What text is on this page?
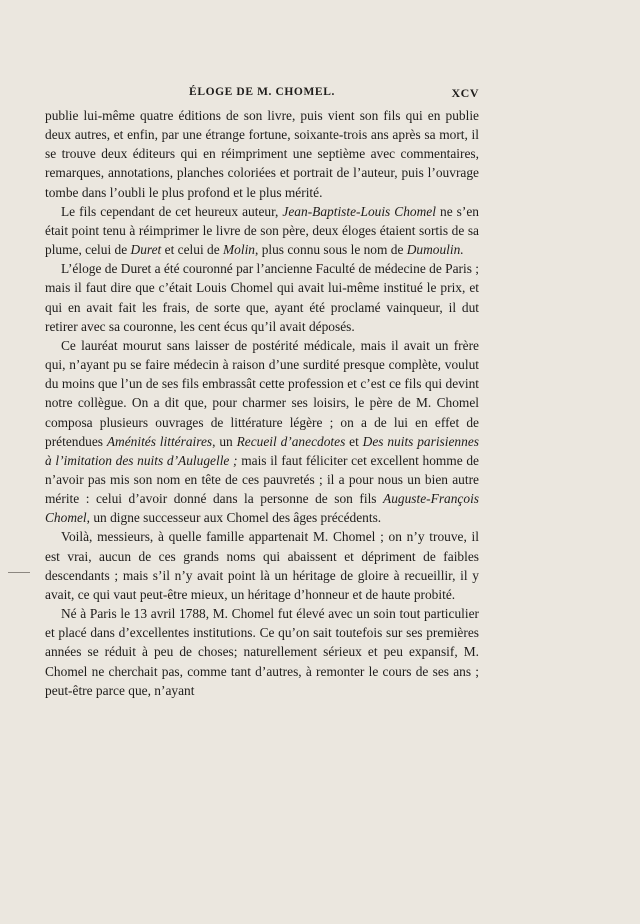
ÉLOGE DE M. CHOMEL.	XCV

publie lui-même quatre éditions de son livre, puis vient son fils qui en publie deux autres, et enfin, par une étrange fortune, soixante-trois ans après sa mort, il se trouve deux éditeurs qui en réimpriment une septième avec commentaires, remarques, annotations, planches coloriées et portrait de l’auteur, puis l’ouvrage tombe dans l’oubli le plus profond et le plus mérité.

Le fils cependant de cet heureux auteur, Jean-Baptiste-Louis Chomel ne s’en était point tenu à réimprimer le livre de son père, deux éloges étaient sortis de sa plume, celui de Duret et celui de Molin, plus connu sous le nom de Dumoulin.

L’éloge de Duret a été couronné par l’ancienne Faculté de médecine de Paris ; mais il faut dire que c’était Louis Chomel qui avait lui-même institué le prix, et qui en avait fait les frais, de sorte que, ayant été proclamé vainqueur, il dut retirer avec sa couronne, les cent écus qu’il avait déposés.

Ce lauréat mourut sans laisser de postérité médicale, mais il avait un frère qui, n’ayant pu se faire médecin à raison d’une surdité presque complète, voulut du moins que l’un de ses fils embrassât cette profession et c’est ce fils qui devint notre collègue. On a dit que, pour charmer ses loisirs, le père de M. Chomel composa plusieurs ouvrages de littérature légère ; on a de lui en effet de prétendues Aménités littéraires, un Recueil d’anecdotes et Des nuits parisiennes à l’imitation des nuits d’Aulugelle ; mais il faut féliciter cet excellent homme de n’avoir pas mis son nom en tête de ces pauvretés ; il a pour nous un bien autre mérite : celui d’avoir donné dans la personne de son fils Auguste-François Chomel, un digne successeur aux Chomel des âges précédents.

Voilà, messieurs, à quelle famille appartenait M. Chomel ; on n’y trouve, il est vrai, aucun de ces grands noms qui abaissent et dépriment de faibles descendants ; mais s’il n’y avait point là un héritage de gloire à recueillir, il y avait, ce qui vaut peut-être mieux, un héritage d’honneur et de haute probité.

Né à Paris le 13 avril 1788, M. Chomel fut élevé avec un soin tout particulier et placé dans d’excellentes institutions. Ce qu’on sait toutefois sur ses premières années se réduit à peu de choses; naturellement sérieux et peu expansif, M. Chomel ne cherchait pas, comme tant d’autres, à remonter le cours de ses ans ; peut-être parce que, n’ayant
